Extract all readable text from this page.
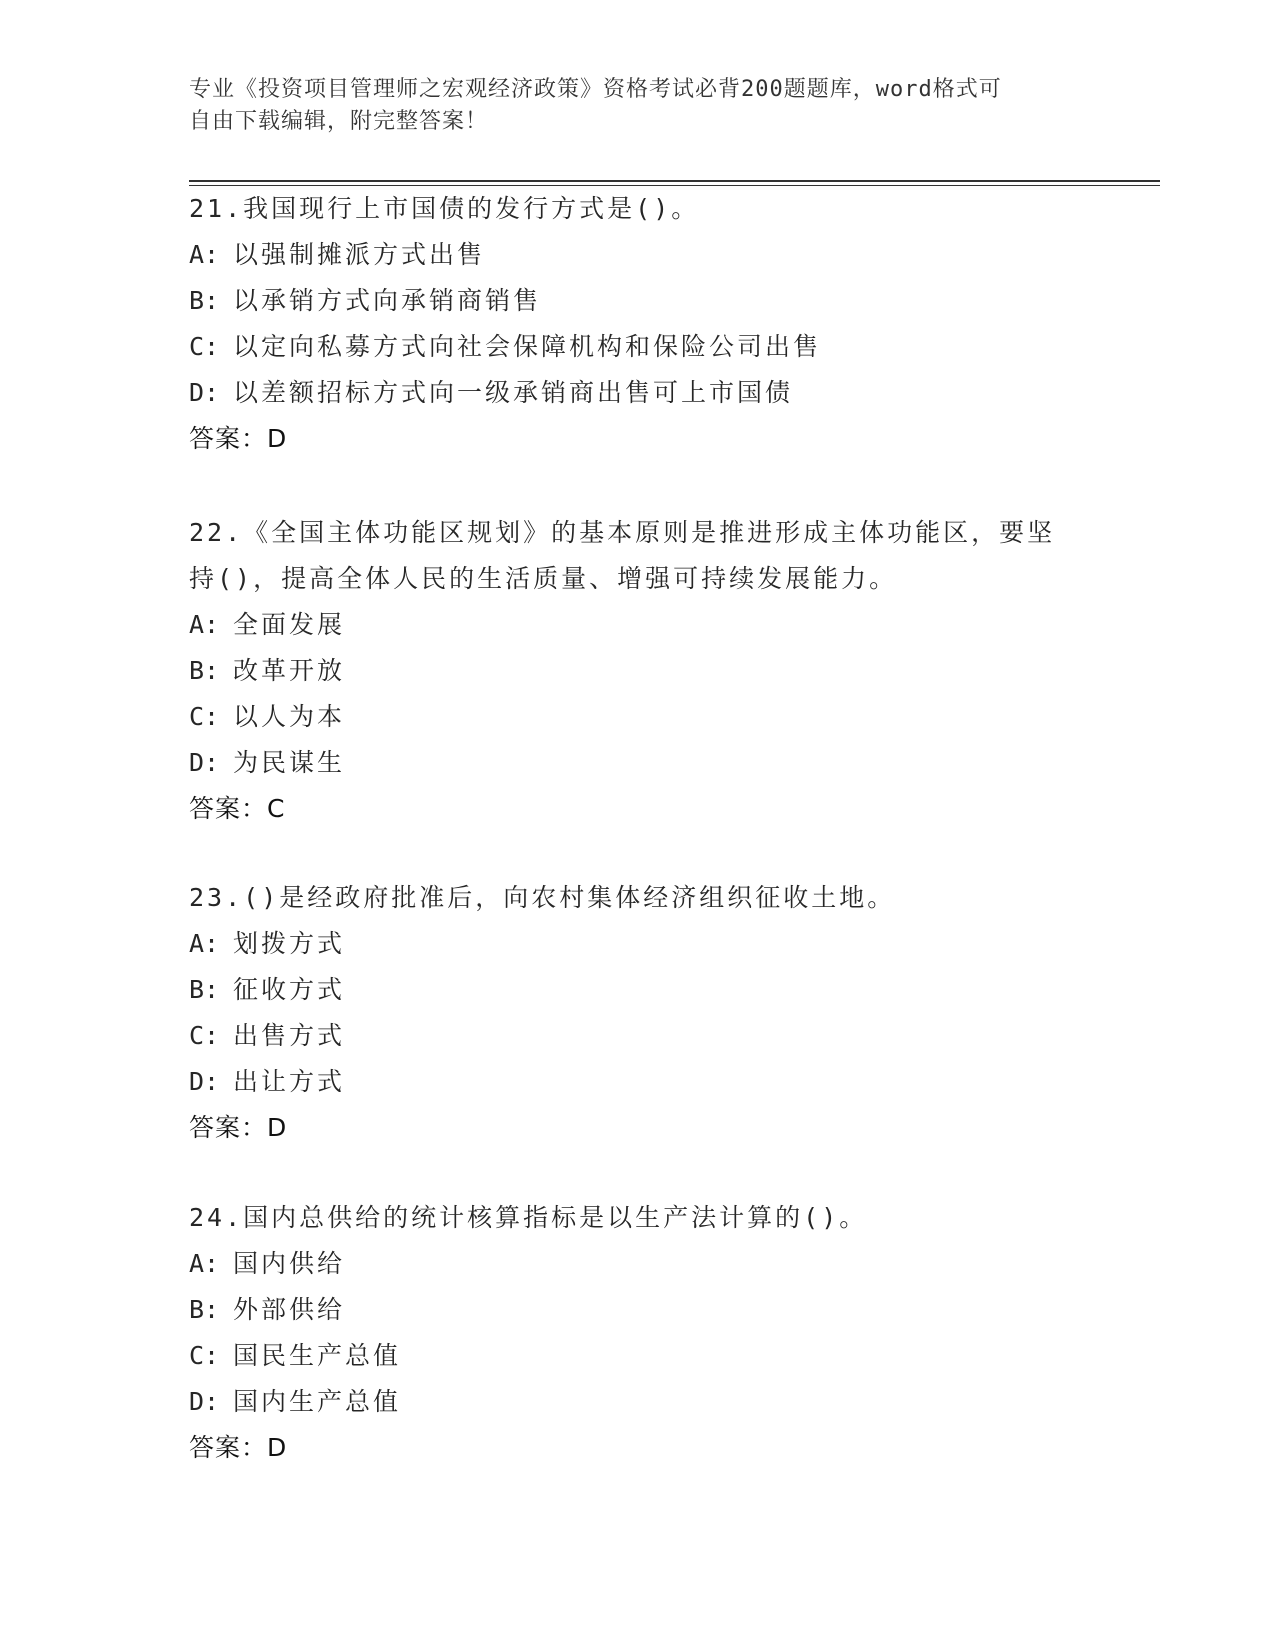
专业《投资项目管理师之宏观经济政策》资格考试必背200题题库，word格式可
自由下载编辑，附完整答案！
21.我国现行上市国债的发行方式是()。
A: 以强制摊派方式出售
B: 以承销方式向承销商销售
C: 以定向私募方式向社会保障机构和保险公司出售
D: 以差额招标方式向一级承销商出售可上市国债
答案：D
22.《全国主体功能区规划》的基本原则是推进形成主体功能区，要坚
持()，提高全体人民的生活质量、增强可持续发展能力。
A: 全面发展
B: 改革开放
C: 以人为本
D: 为民谋生
答案：C
23.()是经政府批准后，向农村集体经济组织征收土地。
A: 划拨方式
B: 征收方式
C: 出售方式
D: 出让方式
答案：D
24.国内总供给的统计核算指标是以生产法计算的()。
A: 国内供给
B: 外部供给
C: 国民生产总值
D: 国内生产总值
答案：D
